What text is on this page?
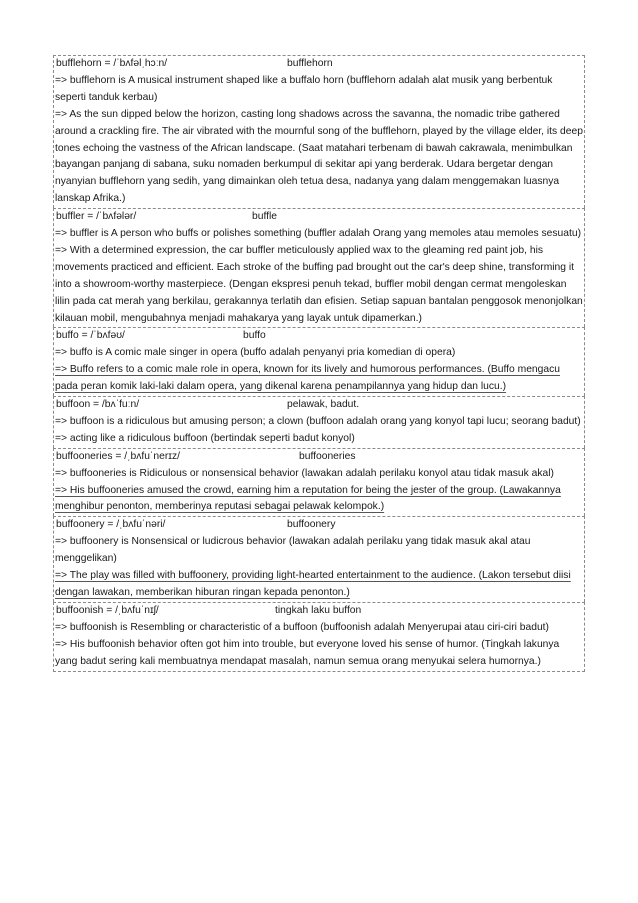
bufflehorn = /ˈbʌfəlˌhɔːn/	bufflehorn
=> bufflehorn is A musical instrument shaped like a buffalo horn (bufflehorn adalah alat musik yang berbentuk seperti tanduk kerbau)
=> As the sun dipped below the horizon, casting long shadows across the savanna, the nomadic tribe gathered around a crackling fire. The air vibrated with the mournful song of the bufflehorn, played by the village elder, its deep tones echoing the vastness of the African landscape. (Saat matahari terbenam di bawah cakrawala, menimbulkan bayangan panjang di sabana, suku nomaden berkumpul di sekitar api yang berderak. Udara bergetar dengan nyanyian bufflehorn yang sedih, yang dimainkan oleh tetua desa, nadanya yang dalam menggemakan luasnya lanskap Afrika.)
buffler = /ˈbʌfələr/	buffle
=> buffler is A person who buffs or polishes something (buffler adalah Orang yang memoles atau memoles sesuatu)
=> With a determined expression, the car buffler meticulously applied wax to the gleaming red paint job, his movements practiced and efficient. Each stroke of the buffing pad brought out the car's deep shine, transforming it into a showroom-worthy masterpiece. (Dengan ekspresi penuh tekad, buffler mobil dengan cermat mengoleskan lilin pada cat merah yang berkilau, gerakannya terlatih dan efisien. Setiap sapuan bantalan penggosok menonjolkan kilauan mobil, mengubahnya menjadi mahakarya yang layak untuk dipamerkan.)
buffo = /ˈbʌfəʊ/	buffo
=> buffo is A comic male singer in opera (buffo adalah penyanyi pria komedian di opera)
=> Buffo refers to a comic male role in opera, known for its lively and humorous performances. (Buffo mengacu pada peran komik laki-laki dalam opera, yang dikenal karena penampilannya yang hidup dan lucu.)
buffoon = /bʌˈfuːn/	pelawak, badut.
=> buffoon is a ridiculous but amusing person; a clown (buffoon adalah orang yang konyol tapi lucu; seorang badut)
=> acting like a ridiculous buffoon (bertindak seperti badut konyol)
buffooneries = /ˌbʌfuˈnerɪz/	buffooneries
=> buffooneries is Ridiculous or nonsensical behavior (lawakan adalah perilaku konyol atau tidak masuk akal)
=> His buffooneries amused the crowd, earning him a reputation for being the jester of the group. (Lawakannya menghibur penonton, memberinya reputasi sebagai pelawak kelompok.)
buffoonery = /ˌbʌfuˈnəri/	buffoonery
=> buffoonery is Nonsensical or ludicrous behavior (lawakan adalah perilaku yang tidak masuk akal atau menggelikan)
=> The play was filled with buffoonery, providing light-hearted entertainment to the audience. (Lakon tersebut diisi dengan lawakan, memberikan hiburan ringan kepada penonton.)
buffoonish = /ˌbʌfuˈnɪʃ/	tingkah laku buffon
=> buffoonish is Resembling or characteristic of a buffoon (buffoonish adalah Menyerupai atau ciri-ciri badut)
=> His buffoonish behavior often got him into trouble, but everyone loved his sense of humor. (Tingkah lakunya yang badut sering kali membuatnya mendapat masalah, namun semua orang menyukai selera humornya.)
